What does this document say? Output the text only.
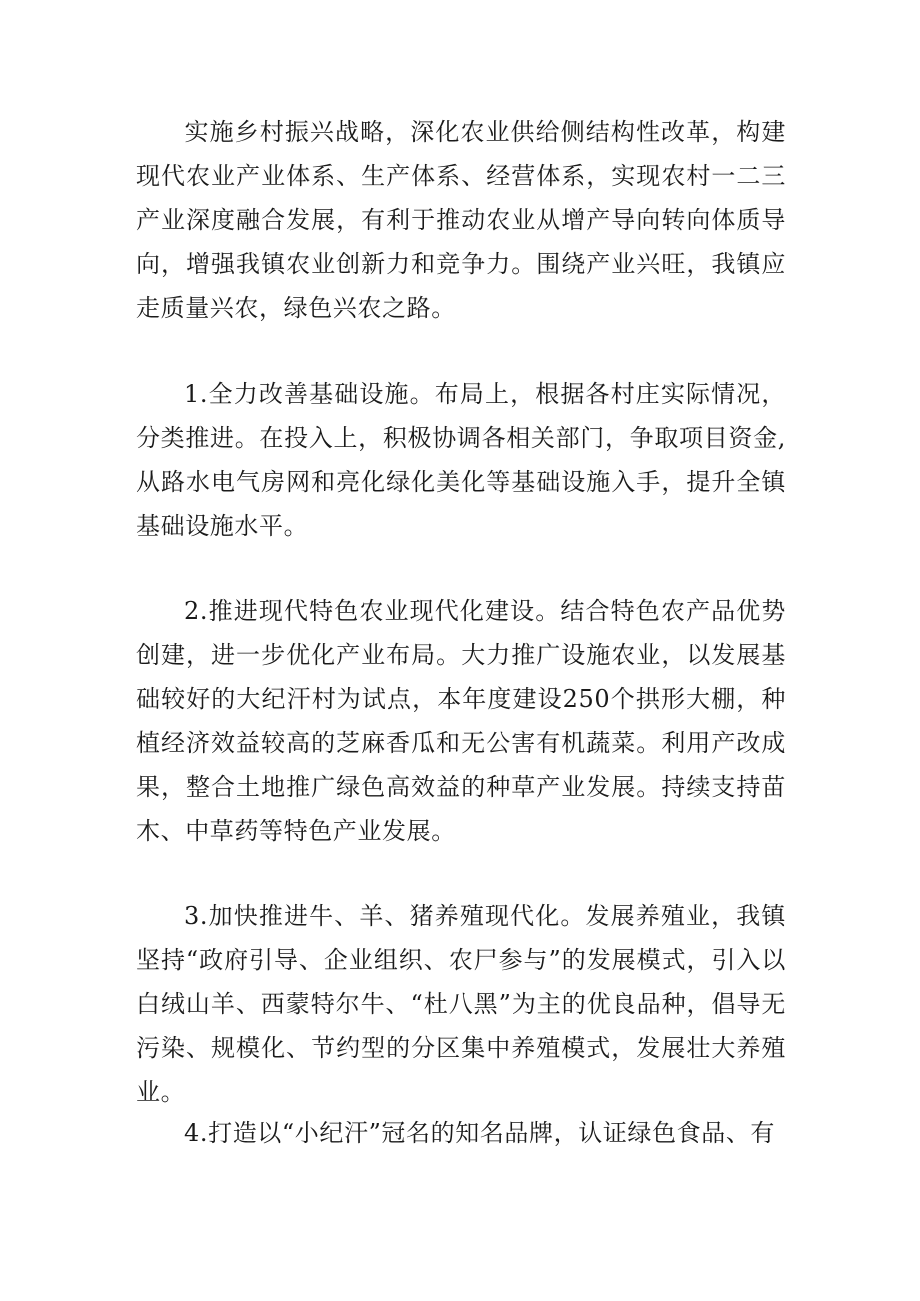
实施乡村振兴战略，深化农业供给侧结构性改革，构建现代农业产业体系、生产体系、经营体系，实现农村一二三产业深度融合发展，有利于推动农业从增产导向转向体质导向，增强我镇农业创新力和竞争力。围绕产业兴旺，我镇应走质量兴农，绿色兴农之路。

1.全力改善基础设施。布局上，根据各村庄实际情况，分类推进。在投入上，积极协调各相关部门，争取项目资金,从路水电气房网和亮化绿化美化等基础设施入手，提升全镇基础设施水平。

2.推进现代特色农业现代化建设。结合特色农产品优势创建，进一步优化产业布局。大力推广设施农业，以发展基础较好的大纪汗村为试点，本年度建设250个拱形大棚，种植经济效益较高的芝麻香瓜和无公害有机蔬菜。利用产改成果，整合土地推广绿色高效益的种草产业发展。持续支持苗木、中草药等特色产业发展。

3.加快推进牛、羊、猪养殖现代化。发展养殖业，我镇坚持“政府引导、企业组织、农尸参与”的发展模式，引入以白绒山羊、西蒙特尔牛、“杜八黑”为主的优良品种，倡导无污染、规模化、节约型的分区集中养殖模式，发展壮大养殖业。

4.打造以“小纪汗”冠名的知名品牌，认证绿色食品、有
